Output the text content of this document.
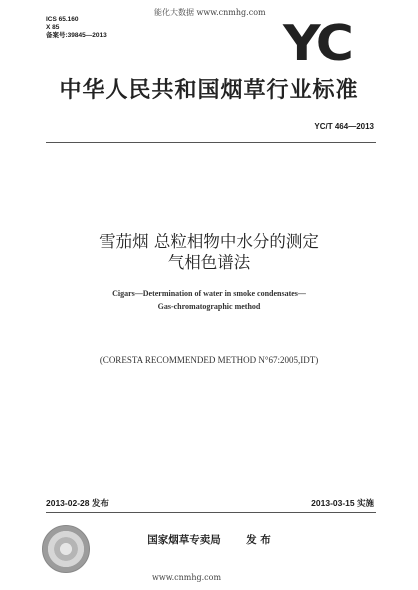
能化大数据 www.cnmhg.com
ICS 65.160
X 85
备案号:39845—2013	YC
中华人民共和国烟草行业标准
YC/T 464—2013
雪茄烟 总粒相物中水分的测定
气相色谱法
Cigars—Determination of water in smoke condensates—
Gas-chromatographic method
(CORESTA RECOMMENDED METHOD N°67:2005,IDT)
2013-02-28 发布	2013-03-15 实施
国家烟草专卖局 发 布
www.cnmhg.com
